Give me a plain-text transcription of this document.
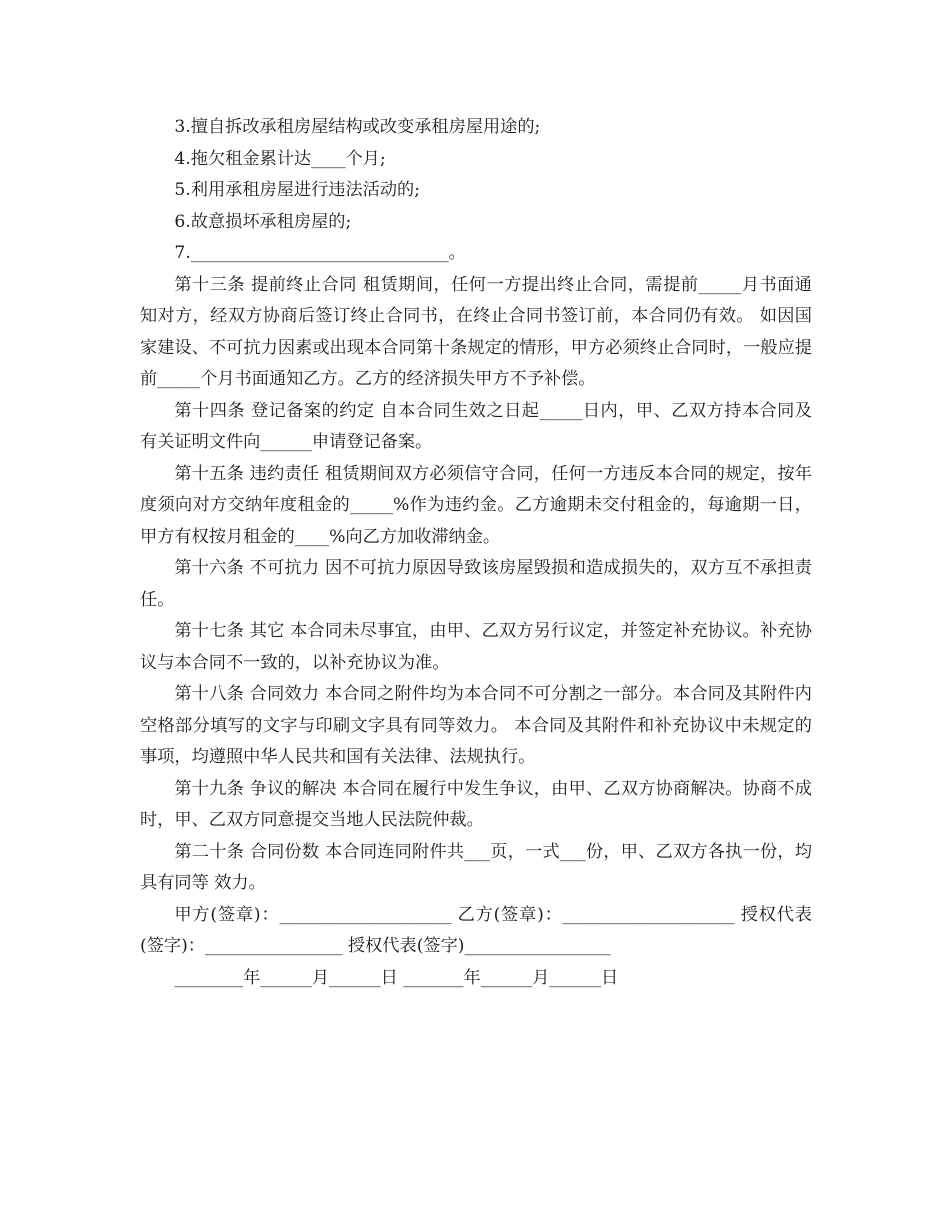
3.擅自拆改承租房屋结构或改变承租房屋用途的;

4.拖欠租金累计达____个月;

5.利用承租房屋进行违法活动的;

6.故意损坏承租房屋的;

7.______________________________。

第十三条 提前终止合同 租赁期间，任何一方提出终止合同，需提前_____月书面通知对方，经双方协商后签订终止合同书，在终止合同书签订前，本合同仍有效。 如因国家建设、不可抗力因素或出现本合同第十条规定的情形，甲方必须终止合同时，一般应提前_____个月书面通知乙方。乙方的经济损失甲方不予补偿。

第十四条 登记备案的约定 自本合同生效之日起_____日内，甲、乙双方持本合同及有关证明文件向______申请登记备案。

第十五条 违约责任 租赁期间双方必须信守合同，任何一方违反本合同的规定，按年度须向对方交纳年度租金的_____%作为违约金。乙方逾期未交付租金的，每逾期一日，甲方有权按月租金的____%向乙方加收滞纳金。

第十六条 不可抗力 因不可抗力原因导致该房屋毁损和造成损失的，双方互不承担责任。

第十七条 其它 本合同未尽事宜，由甲、乙双方另行议定，并签定补充协议。补充协议与本合同不一致的，以补充协议为准。

第十八条 合同效力 本合同之附件均为本合同不可分割之一部分。本合同及其附件内空格部分填写的文字与印刷文字具有同等效力。 本合同及其附件和补充协议中未规定的事项，均遵照中华人民共和国有关法律、法规执行。

第十九条 争议的解决 本合同在履行中发生争议，由甲、乙双方协商解决。协商不成时，甲、乙双方同意提交当地人民法院仲裁。

第二十条 合同份数 本合同连同附件共___页，一式___份，甲、乙双方各执一份，均具有同等 效力。

甲方(签章)：____________________ 乙方(签章)：____________________ 授权代表(签字)：________________ 授权代表(签字)_________________

________年______月______日 _______年______月______日
